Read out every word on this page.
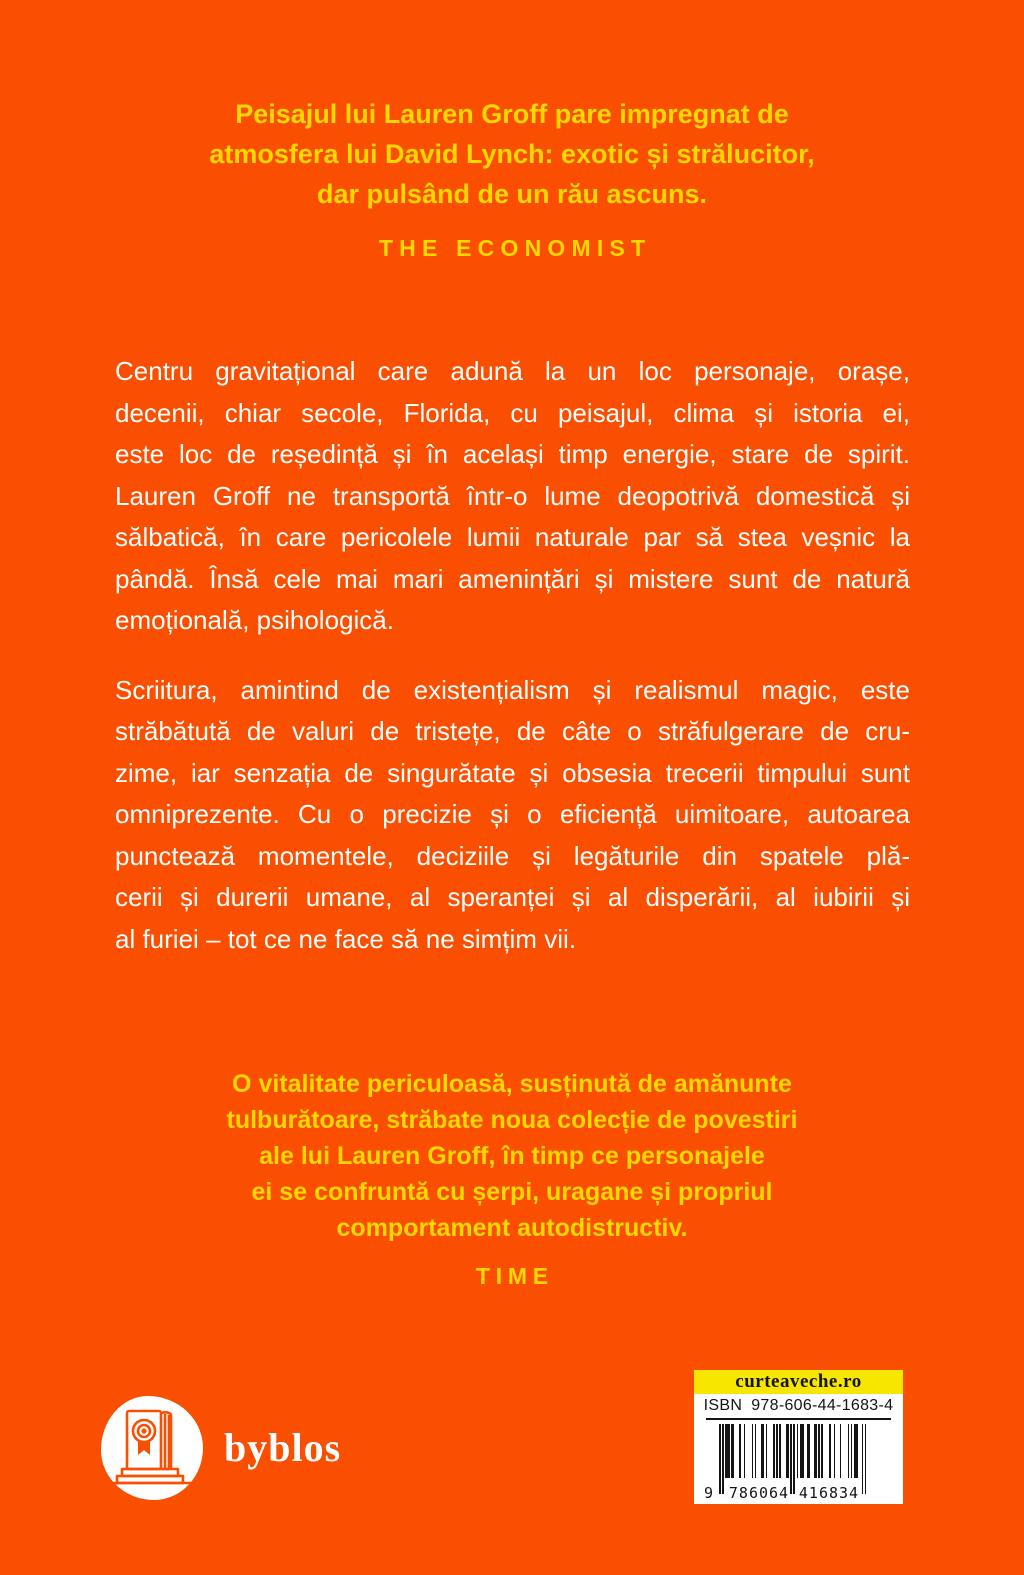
Peisajul lui Lauren Groff pare impregnat de
atmosfera lui David Lynch: exotic și strălucitor,
dar pulsând de un rău ascuns.
THE ECONOMIST
Centru gravitațional care adună la un loc personaje, orașe,
decenii, chiar secole, Florida, cu peisajul, clima și istoria ei,
este loc de reședință și în același timp energie, stare de spirit.
Lauren Groff ne transportă într-o lume deopotrivă domestică și
sălbatică, în care pericolele lumii naturale par să stea veșnic la
pândă. Însă cele mai mari amenințări și mistere sunt de natură
emoțională, psihologică.
Scriitura, amintind de existențialism și realismul magic, este
străbătută de valuri de tristețe, de câte o străfulgerare de cru-
zime, iar senzația de singurătate și obsesia trecerii timpului sunt
omniprezente. Cu o precizie și o eficiență uimitoare, autoarea
punctează momentele, deciziile și legăturile din spatele plă-
cerii și durerii umane, al speranței și al disperării, al iubirii și
al furiei – tot ce ne face să ne simțim vii.
O vitalitate periculoasă, susținută de amănunte
tulburătoare, străbate noua colecție de povestiri
ale lui Lauren Groff, în timp ce personajele
ei se confruntă cu șerpi, uragane și propriul
comportament autodistructiv.
TIME
byblos
curteaveche.ro
ISBN 978-606-44-1683-4
9 786064 416834
